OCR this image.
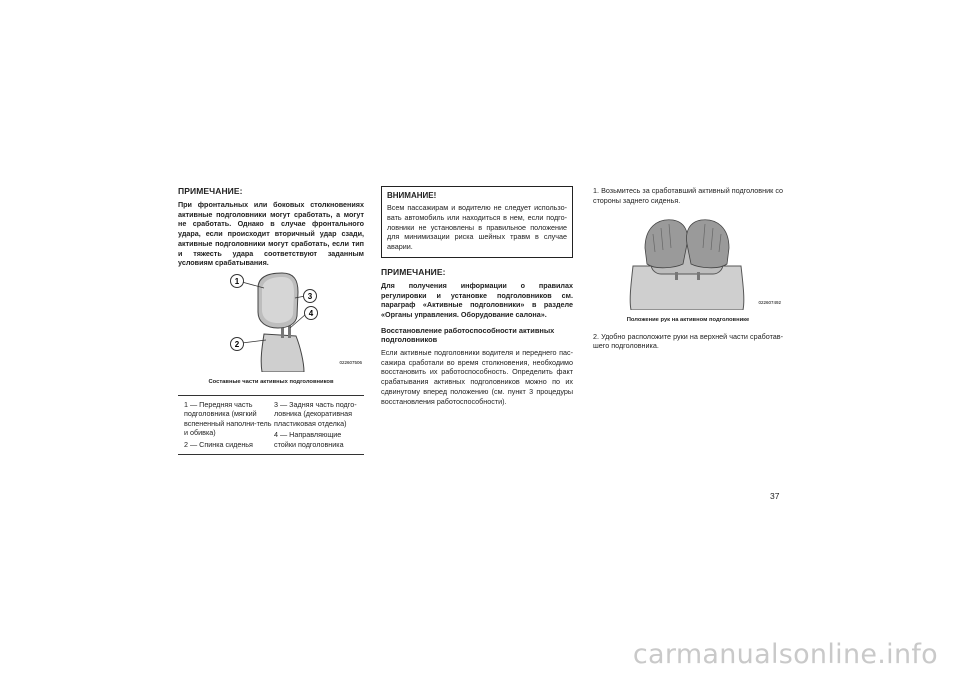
ПРИМЕЧАНИЕ:

При фронтальных или боковых столкновениях активные подголовники могут сработать, а могут не сработать. Однако в случае фронтального удара, если происходит вторичный удар сзади, активные подголовники могут сработать, если тип и тяжесть удара соответствуют заданным условиям срабатывания.

1
2
3
4
022607506

Составные части активных подголовников

1 — Передняя часть подголовника (мягкий вспененный наполни-тель и обивка)
2 — Спинка сиденья
3 — Задняя часть подго-ловника (декоративная пластиковая отделка)
4 — Направляющие стойки подголовника

ВНИМАНИЕ!

Всем пассажирам и водителю не следует использо-вать автомобиль или находиться в нем, если подго-ловники не установлены в правильное положение для минимизации риска шейных травм в случае аварии.

ПРИМЕЧАНИЕ:

Для получения информации о правилах регулировки и установке подголовников см. параграф «Активные подголовники» в разделе «Органы управления. Оборудование салона».

Восстановление работоспособности активных подголовников

Если активные подголовники водителя и переднего пас-сажира сработали во время столкновения, необходимо восстановить их работоспособность. Определить факт срабатывания активных подголовников можно по их сдвинутому вперед положению (см. пункт 3 процедуры восстановления работоспособности).

1. Возьмитесь за сработавший активный подголовник со стороны заднего сиденья.

022607492

Положение рук на активном подголовнике

2. Удобно расположите руки на верхней части сработав-шего подголовника.

37
carmanualsonline.info
